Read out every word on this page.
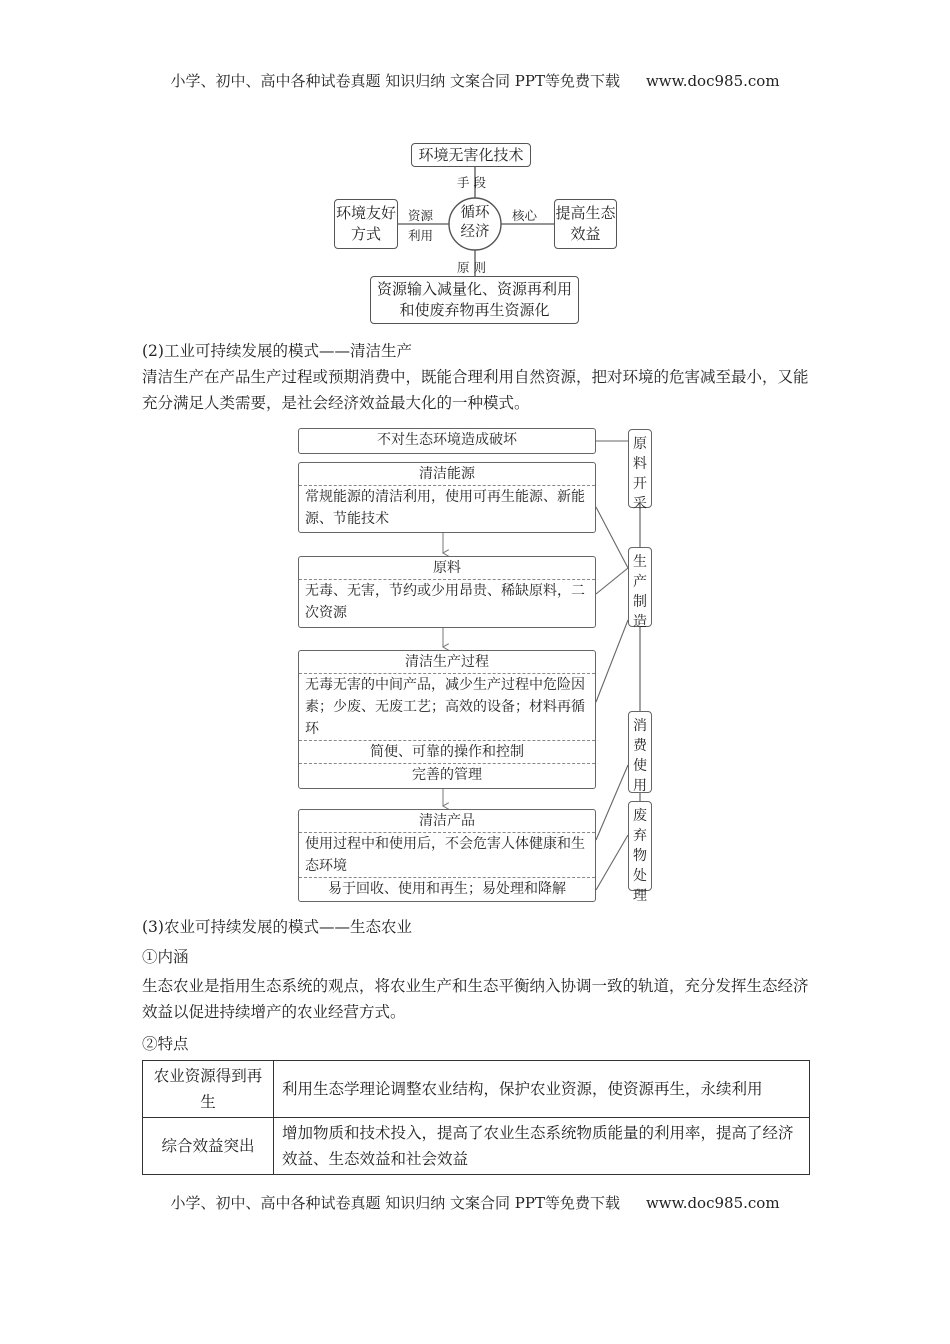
小学、初中、高中各种试卷真题 知识归纳 文案合同 PPT等免费下载 www.doc985.com
环境无害化技术
手 段
环境友好方式
资源
利用
循环经济
核心 提高生态效益
原 则
资源输入减量化、资源再利用
和使废弃物再生资源化
(2)工业可持续发展的模式——清洁生产
清洁生产在产品生产过程或预期消费中，既能合理利用自然资源，把对环境的危害减至最小，又能充分满足人类需要，是社会经济效益最大化的一种模式。
不对生态环境造成破坏
清洁能源
常规能源的清洁利用，使用可再生能源、新能源、节能技术
原料
无毒、无害，节约或少用昂贵、稀缺原料，二次资源
清洁生产过程
无毒无害的中间产品，减少生产过程中危险因素；少废、无废工艺；高效的设备；材料再循环
简便、可靠的操作和控制
完善的管理
清洁产品
使用过程中和使用后，不会危害人体健康和生态环境
易于回收、使用和再生；易处理和降解
原料开采
生产制造
消费使用
废弃物处理
(3)农业可持续发展的模式——生态农业
①内涵
生态农业是指用生态系统的观点，将农业生产和生态平衡纳入协调一致的轨道，充分发挥生态经济效益以促进持续增产的农业经营方式。
②特点
农业资源得到再生	利用生态学理论调整农业结构，保护农业资源，使资源再生，永续利用
综合效益突出	增加物质和技术投入，提高了农业生态系统物质能量的利用率，提高了经济效益、生态效益和社会效益
小学、初中、高中各种试卷真题 知识归纳 文案合同 PPT等免费下载 www.doc985.com
